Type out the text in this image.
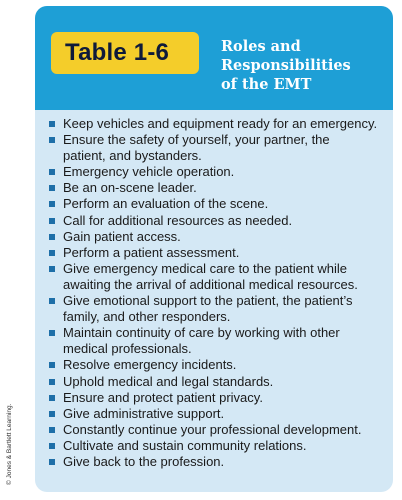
Table 1-6	Roles and
Responsibilities
of the EMT
Keep vehicles and equipment ready for an emergency.
Ensure the safety of yourself, your partner, the
patient, and bystanders.
Emergency vehicle operation.
Be an on-scene leader.
Perform an evaluation of the scene.
Call for additional resources as needed.
Gain patient access.
Perform a patient assessment.
Give emergency medical care to the patient while
awaiting the arrival of additional medical resources.
Give emotional support to the patient, the patient’s
family, and other responders.
Maintain continuity of care by working with other
medical professionals.
Resolve emergency incidents.
Uphold medical and legal standards.
Ensure and protect patient privacy.
Give administrative support.
Constantly continue your professional development.
Cultivate and sustain community relations.
Give back to the profession.
© Jones & Bartlett Learning.
